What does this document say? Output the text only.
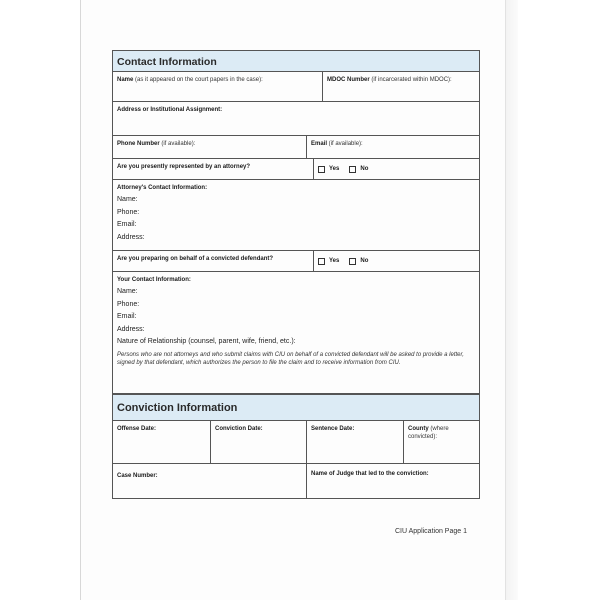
Contact Information
Name (as it appeared on the court papers in the case):	MDOC Number (if incarcerated within MDOC):
Address or Institutional Assignment:
Phone Number (if available):	Email (if available):
Are you presently represented by an attorney?	Yes	No
Attorney's Contact Information:
Name:
Phone:
Email:
Address:
Are you preparing on behalf of a convicted defendant?	Yes	No
Your Contact Information:
Name:
Phone:
Email:
Address:
Nature of Relationship (counsel, parent, wife, friend, etc.):
Persons who are not attorneys and who submit claims with CIU on behalf of a convicted defendant will be asked to provide a letter, signed by that defendant, which authorizes the person to file the claim and to receive information from CIU.
Conviction Information
Offense Date:	Conviction Date:	Sentence Date:	County (where convicted):
Case Number:	Name of Judge that led to the conviction:
CIU Application Page 1
